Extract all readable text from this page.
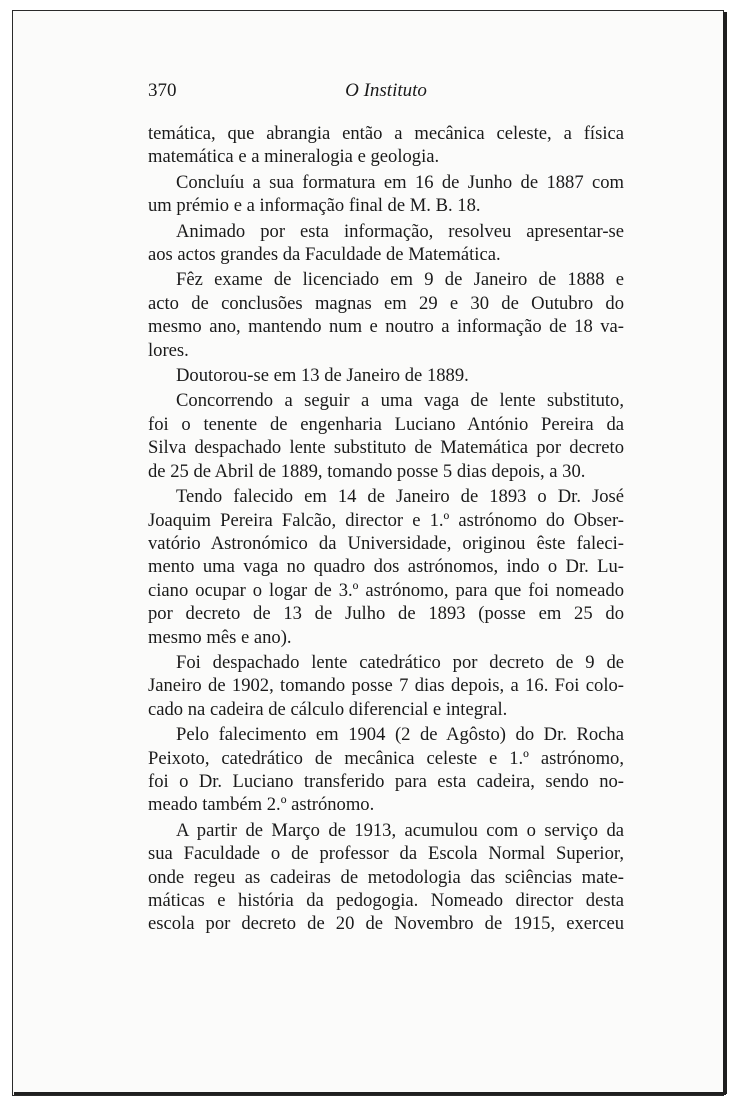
370	O Instituto

temática, que abrangia então a mecânica celeste, a física
matemática e a mineralogia e geologia.

Concluíu a sua formatura em 16 de Junho de 1887 com
um prémio e a informação final de M. B. 18.

Animado por esta informação, resolveu apresentar-se
aos actos grandes da Faculdade de Matemática.

Fêz exame de licenciado em 9 de Janeiro de 1888 e
acto de conclusões magnas em 29 e 30 de Outubro do
mesmo ano, mantendo num e noutro a informação de 18 va-
lores.

Doutorou-se em 13 de Janeiro de 1889.

Concorrendo a seguir a uma vaga de lente substituto,
foi o tenente de engenharia Luciano António Pereira da
Silva despachado lente substituto de Matemática por decreto
de 25 de Abril de 1889, tomando posse 5 dias depois, a 30.

Tendo falecido em 14 de Janeiro de 1893 o Dr. José
Joaquim Pereira Falcão, director e 1.º astrónomo do Obser-
vatório Astronómico da Universidade, originou êste faleci-
mento uma vaga no quadro dos astrónomos, indo o Dr. Lu-
ciano ocupar o logar de 3.º astrónomo, para que foi nomeado
por decreto de 13 de Julho de 1893 (posse em 25 do
mesmo mês e ano).

Foi despachado lente catedrático por decreto de 9 de
Janeiro de 1902, tomando posse 7 dias depois, a 16. Foi colo-
cado na cadeira de cálculo diferencial e integral.

Pelo falecimento em 1904 (2 de Agôsto) do Dr. Rocha
Peixoto, catedrático de mecânica celeste e 1.º astrónomo,
foi o Dr. Luciano transferido para esta cadeira, sendo no-
meado também 2.º astrónomo.

A partir de Março de 1913, acumulou com o serviço da
sua Faculdade o de professor da Escola Normal Superior,
onde regeu as cadeiras de metodologia das sciências mate-
máticas e história da pedogogia. Nomeado director desta
escola por decreto de 20 de Novembro de 1915, exerceu
